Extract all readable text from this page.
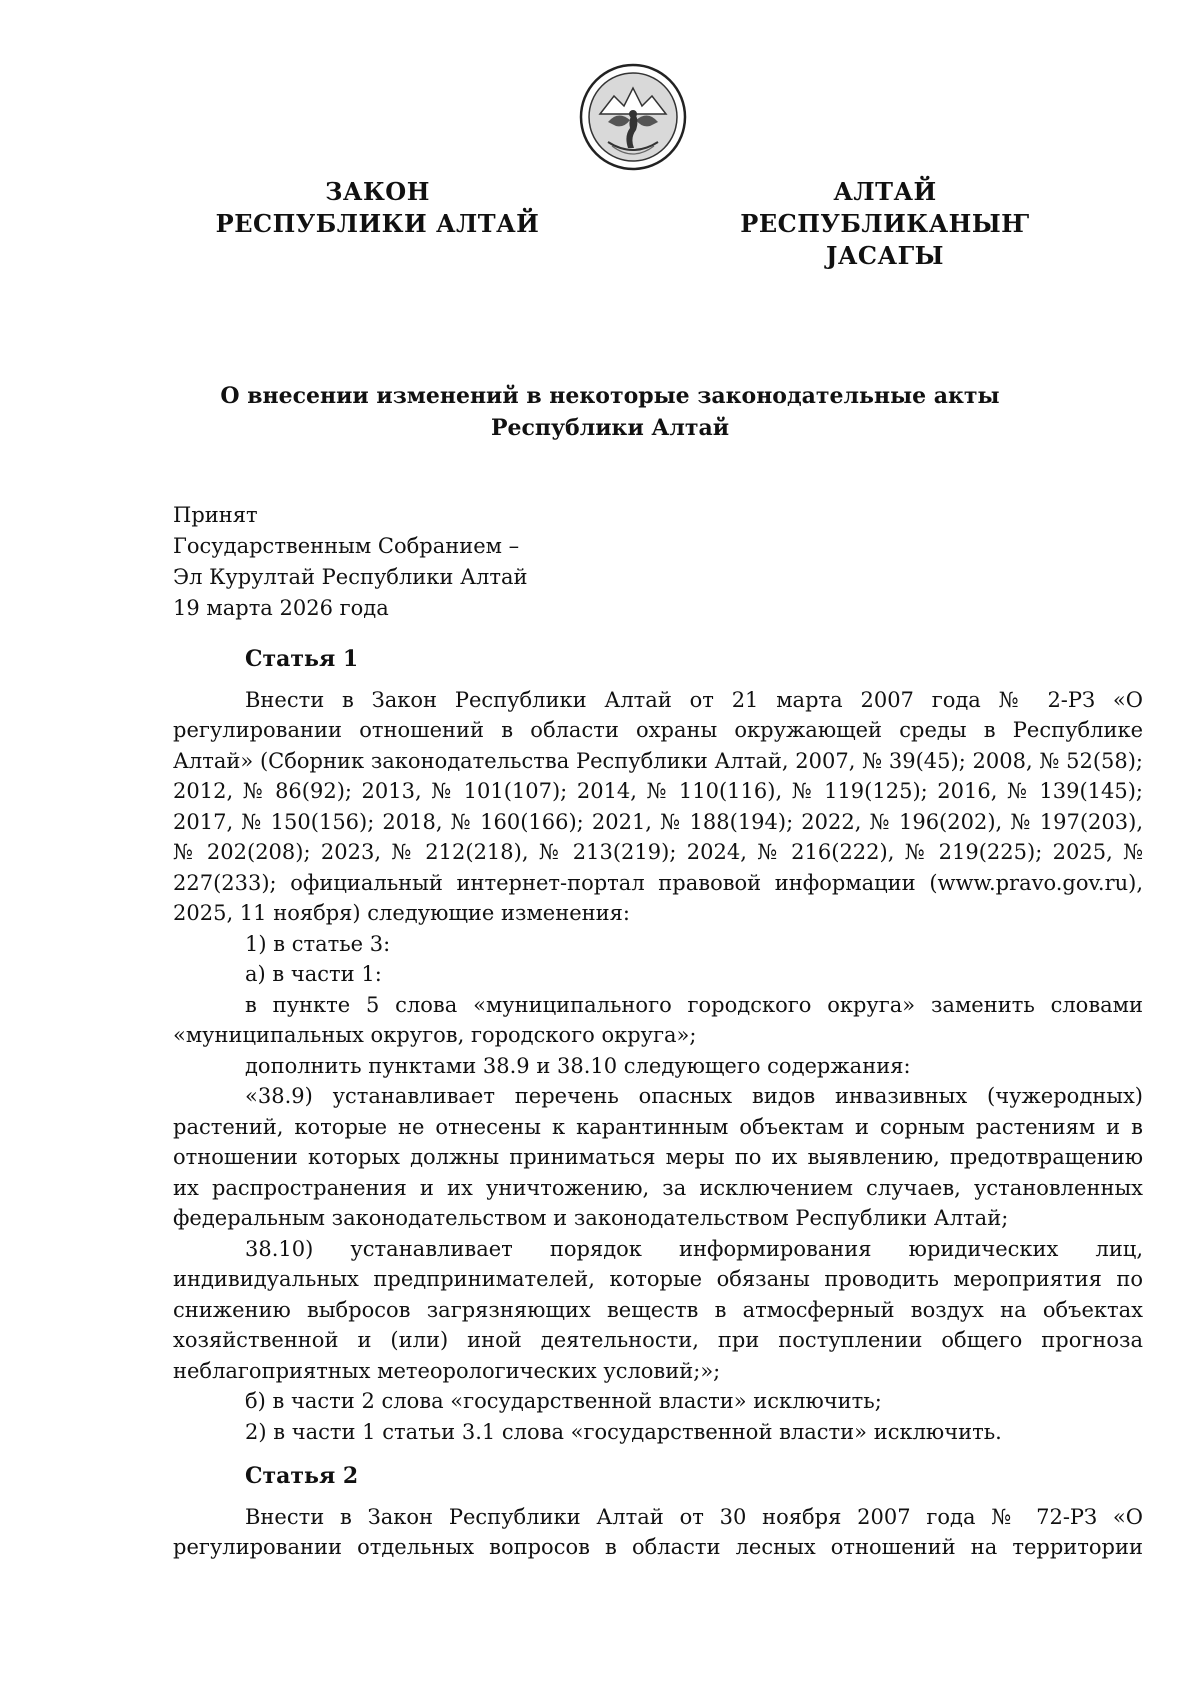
ЗАКОН
РЕСПУБЛИКИ АЛТАЙ
АЛТАЙ РЕСПУБЛИКАНЫҤ
ЈАСАГЫ
О внесении изменений в некоторые законодательные акты
Республики Алтай
Принят
Государственным Собранием –
Эл Курултай Республики Алтай
19 марта 2026 года
Статья 1

Внести в Закон Республики Алтай от 21 марта 2007 года № 2-РЗ «О регулировании отношений в области охраны окружающей среды в Республике Алтай» (Сборник законодательства Республики Алтай, 2007, № 39(45); 2008, № 52(58); 2012, № 86(92); 2013, № 101(107); 2014, № 110(116), № 119(125); 2016, № 139(145); 2017, № 150(156); 2018, № 160(166); 2021, № 188(194); 2022, № 196(202), № 197(203), № 202(208); 2023, № 212(218), № 213(219); 2024, № 216(222), № 219(225); 2025, № 227(233); официальный интернет-портал правовой информации (www.pravo.gov.ru), 2025, 11 ноября) следующие изменения:

1) в статье 3:

а) в части 1:

в пункте 5 слова «муниципального городского округа» заменить словами «муниципальных округов, городского округа»;

дополнить пунктами 38.9 и 38.10 следующего содержания:

«38.9) устанавливает перечень опасных видов инвазивных (чужеродных) растений, которые не отнесены к карантинным объектам и сорным растениям и в отношении которых должны приниматься меры по их выявлению, предотвращению их распространения и их уничтожению, за исключением случаев, установленных федеральным законодательством и законодательством Республики Алтай;

38.10) устанавливает порядок информирования юридических лиц, индивидуальных предпринимателей, которые обязаны проводить мероприятия по снижению выбросов загрязняющих веществ в атмосферный воздух на объектах хозяйственной и (или) иной деятельности, при поступлении общего прогноза неблагоприятных метеорологических условий;»;

б) в части 2 слова «государственной власти» исключить;

2) в части 1 статьи 3.1 слова «государственной власти» исключить.

Статья 2

Внести в Закон Республики Алтай от 30 ноября 2007 года № 72-РЗ «О регулировании отдельных вопросов в области лесных отношений на территории
